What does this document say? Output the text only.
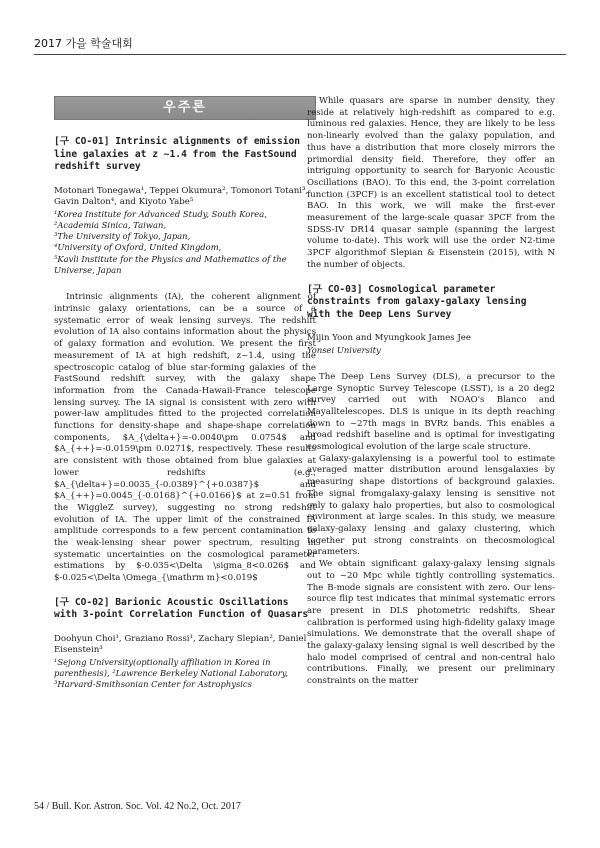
2017 가을 학술대회
우주론

[구 CO-01] Intrinsic alignments of emission line galaxies at z ~1.4 from the FastSound redshift survey

Motonari Tonegawa¹, Teppei Okumura², Tomonori Totani³, Gavin Dalton⁴, and Kiyoto Yabe⁵

¹Korea Institute for Advanced Study, South Korea,

²Academia Sinica, Taiwan,

³The University of Tokyo, Japan,

⁴University of Oxford, United Kingdom,

⁵Kavli Institute for the Physics and Mathematics of the Universe, Japan

Intrinsic alignments (IA), the coherent alignment of intrinsic galaxy orientations, can be a source of a systematic error of weak lensing surveys. The redshift evolution of IA also contains information about the physics of galaxy formation and evolution. We present the first measurement of IA at high redshift, z~1.4, using the spectroscopic catalog of blue star-forming galaxies of the FastSound redshift survey, with the galaxy shape information from the Canada-Hawaii-France telescope lensing survey. The IA signal is consistent with zero with power-law amplitudes fitted to the projected correlation functions for density-shape and shape-shape correlation components, $A_{\delta+}=-0.0040\pm 0.0754$ and $A_{++}=-0.0159\pm 0.0271$, respectively. These results are consistent with those obtained from blue galaxies at lower redshifts (e.g., $A_{\delta+}=0.0035_{-0.0389}^{+0.0387}$ and $A_{++}=0.0045_{-0.0168}^{+0.0166}$ at z=0.51 from the WiggleZ survey), suggesting no strong redshift evolution of IA. The upper limit of the constrained IA amplitude corresponds to a few percent contamination to the weak-lensing shear power spectrum, resulting in systematic uncertainties on the cosmological parameter estimations by $-0.035<\Delta \sigma_8<0.026$ and $-0.025<\Delta \Omega_{\mathrm m}<0.019$

[구 CO-02] Barionic Acoustic Oscillations with 3-point Correlation Function of Quasars

Doohyun Choi¹, Graziano Rossi¹, Zachary Slepian², Daniel Eisenstein³

¹Sejong University(optionally affiliation in Korea in parenthesis), ²Lawrence Berkeley National Laboratory, ³Harvard-Smithsonian Center for Astrophysics

While quasars are sparse in number density, they reside at relatively high-redshift as compared to e.g. luminous red galaxies. Hence, they are likely to be less non-linearly evolved than the galaxy population, and thus have a distribution that more closely mirrors the primordial density field. Therefore, they offer an intriguing opportunity to search for Baryonic Acoustic Oscillations (BAO). To this end, the 3-point correlation function (3PCF) is an excellent statistical tool to detect BAO. In this work, we will make the first-ever measurement of the large-scale quasar 3PCF from the SDSS-IV DR14 quasar sample (spanning the largest volume to-date). This work will use the order N2-time 3PCF algorithmof Slepian & Eisenstein (2015), with N the number of objects.

[구 CO-03] Cosmological parameter constraints from galaxy-galaxy lensing with the Deep Lens Survey

Mijin Yoon and Myungkook James Jee

Yonsei University

The Deep Lens Survey (DLS), a precursor to the Large Synoptic Survey Telescope (LSST), is a 20 deg2 survey carried out with NOAO's Blanco and Mayalltelescopes. DLS is unique in its depth reaching down to ~27th mags in BVRz bands. This enables a broad redshift baseline and is optimal for investigating cosmological evolution of the large scale structure.

Galaxy-galaxylensing is a powerful tool to estimate averaged matter distribution around lensgalaxies by measuring shape distortions of background galaxies. The signal fromgalaxy-galaxy lensing is sensitive not only to galaxy halo properties, but also to cosmological environment at large scales. In this study, we measure galaxy-galaxy lensing and galaxy clustering, which together put strong constraints on thecosmological parameters.

We obtain significant galaxy-galaxy lensing signals out to ~20 Mpc while tightly controlling systematics. The B-mode signals are consistent with zero. Our lens-source flip test indicates that minimal systematic errors are present in DLS photometric redshifts. Shear calibration is performed using high-fidelity galaxy image simulations. We demonstrate that the overall shape of the galaxy-galaxy lensing signal is well described by the halo model comprised of central and non-central halo contributions. Finally, we present our preliminary constraints on the matter

54 / Bull. Kor. Astron. Soc. Vol. 42 No.2, Oct. 2017
